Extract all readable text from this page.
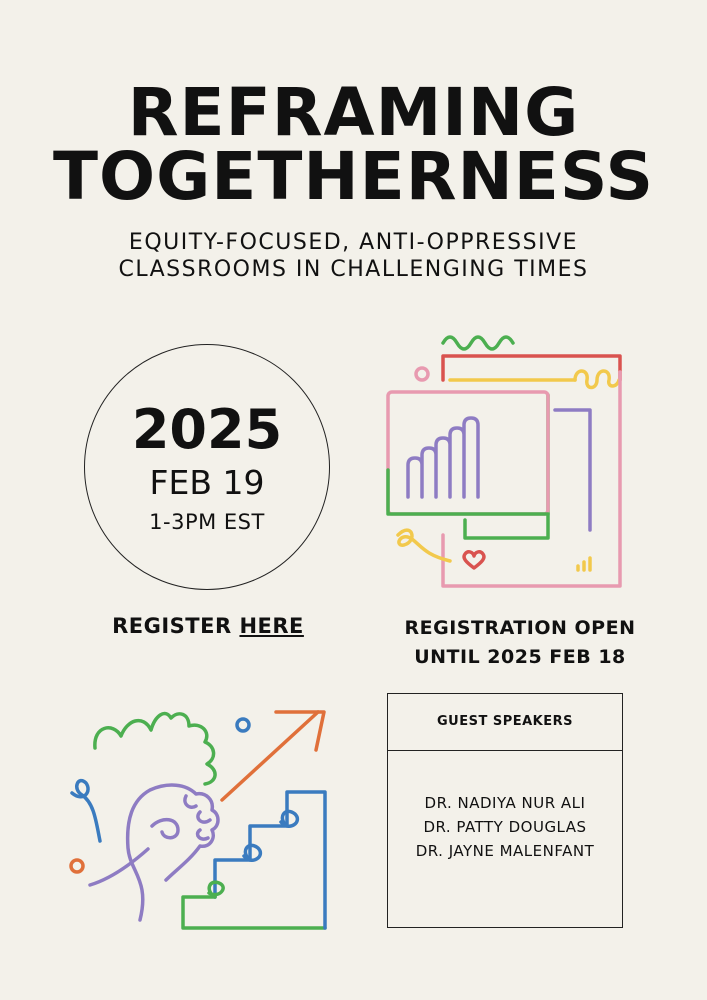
REFRAMING
TOGETHERNESS
EQUITY-FOCUSED, ANTI-OPPRESSIVE
CLASSROOMS IN CHALLENGING TIMES
2025
FEB 19
1-3PM EST
REGISTER HERE	REGISTRATION OPEN
UNTIL 2025 FEB 18
GUEST SPEAKERS
DR. NADIYA NUR ALI
DR. PATTY DOUGLAS
DR. JAYNE MALENFANT
